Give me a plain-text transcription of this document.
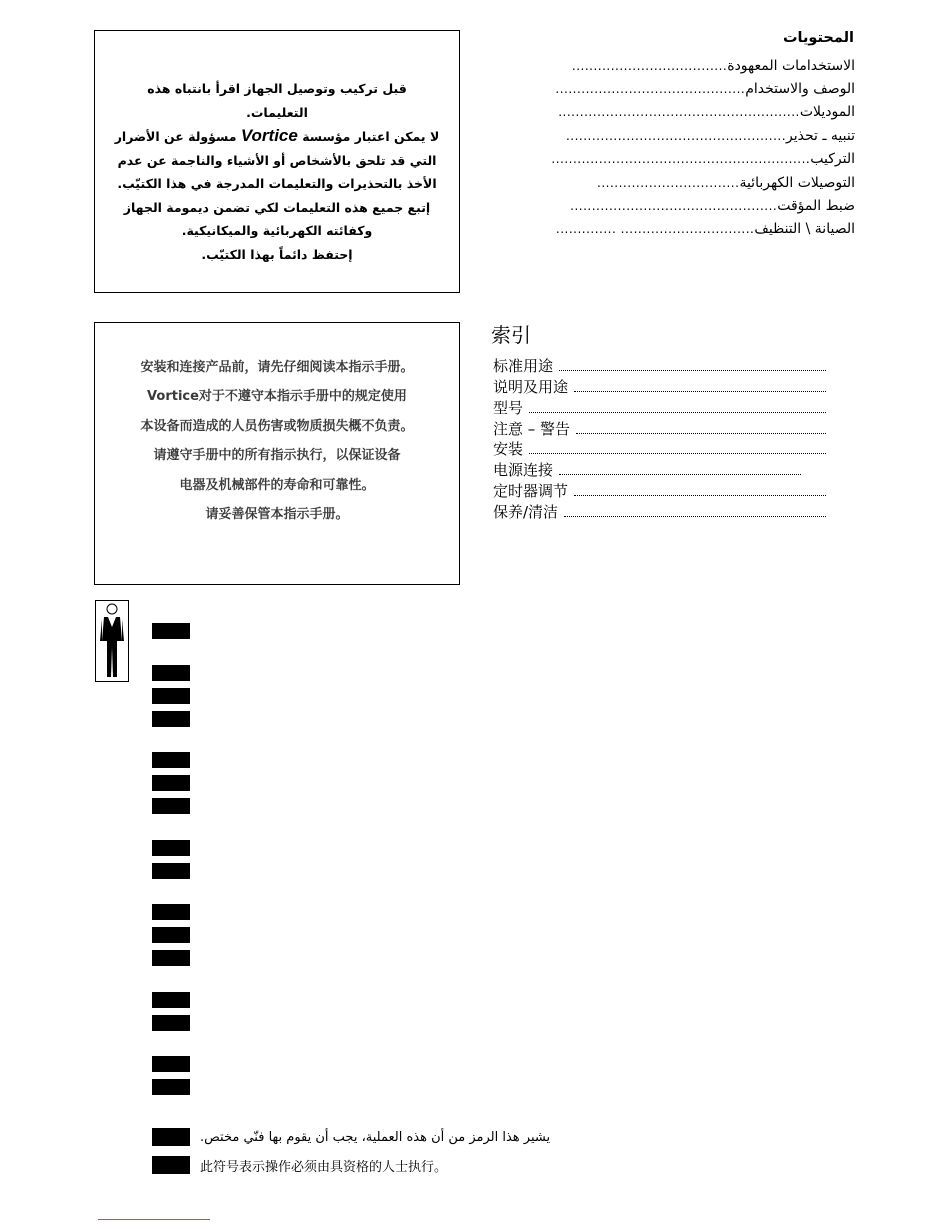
قبل تركيب وتوصيل الجهاز اقرأ بانتباه هذه
التعليمات.
لا يمكن اعتبار مؤسسة Vortice مسؤولة عن الأضرار
التي قد تلحق بالأشخاص أو الأشياء والناجمة عن عدم
الأخذ بالتحذيرات والتعليمات المدرجة في هذا الكتيّب.
إتبع جميع هذه التعليمات لكي تضمن ديمومة الجهاز
وكفائته الكهربائية والميكانيكية.
إحتفظ دائماً بهذا الكتيّب.
安装和连接产品前，请先仔细阅读本指示手册。
Vortice对于不遵守本指示手册中的规定使用
本设备而造成的人员伤害或物质损失概不负责。
请遵守手册中的所有指示执行，以保证设备
电器及机械部件的寿命和可靠性。
请妥善保管本指示手册。
المحتويات
الاستخدامات المعهودة
....................................
الوصف والاستخدام
............................................
الموديلات
........................................................
تنبيه ـ تحذير
...................................................
التركيب
............................................................
التوصيلات الكهربائية
.................................
ضبط المؤقت
................................................
الصيانة \ التنظيف
.............. ...............................
索引
标准用途
说明及用途
型号
注意 – 警告
安装
电源连接
定时器调节
保养/清洁
يشير هذا الرمز من أن هذه العملية، يجب أن يقوم بها فنّي مختص.
此符号表示操作必须由具资格的人士执行。
